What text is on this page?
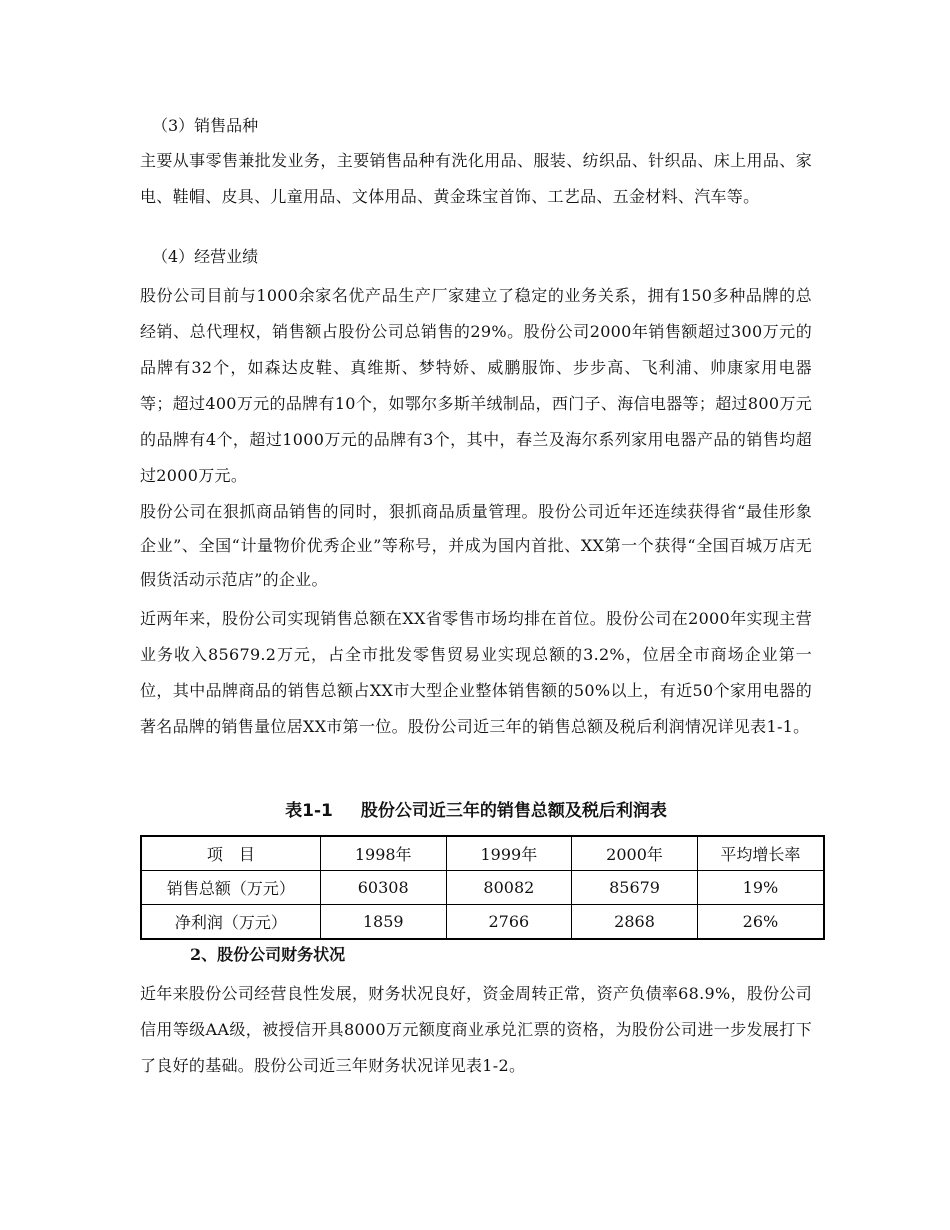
（3）销售品种

主要从事零售兼批发业务，主要销售品种有洗化用品、服装、纺织品、针织品、床上用品、家电、鞋帽、皮具、儿童用品、文体用品、黄金珠宝首饰、工艺品、五金材料、汽车等。

（4）经营业绩

股份公司目前与1000余家名优产品生产厂家建立了稳定的业务关系，拥有150多种品牌的总经销、总代理权，销售额占股份公司总销售的29%。股份公司2000年销售额超过300万元的品牌有32个，如森达皮鞋、真维斯、梦特娇、威鹏服饰、步步高、飞利浦、帅康家用电器等；超过400万元的品牌有10个，如鄂尔多斯羊绒制品，西门子、海信电器等；超过800万元的品牌有4个，超过1000万元的品牌有3个，其中，春兰及海尔系列家用电器产品的销售均超过2000万元。

股份公司在狠抓商品销售的同时，狠抓商品质量管理。股份公司近年还连续获得省“最佳形象企业”、全国“计量物价优秀企业”等称号，并成为国内首批、XX第一个获得“全国百城万店无假货活动示范店”的企业。

近两年来，股份公司实现销售总额在XX省零售市场均排在首位。股份公司在2000年实现主营业务收入85679.2万元，占全市批发零售贸易业实现总额的3.2%，位居全市商场企业第一位，其中品牌商品的销售总额占XX市大型企业整体销售额的50%以上，有近50个家用电器的著名品牌的销售量位居XX市第一位。股份公司近三年的销售总额及税后利润情况详见表1-1。

表1-1 股份公司近三年的销售总额及税后利润表

项　目	1998年	1999年	2000年	平均增长率
销售总额（万元）	60308	80082	85679	19%
净利润（万元）	1859	2766	2868	26%

2、股份公司财务状况

近年来股份公司经营良性发展，财务状况良好，资金周转正常，资产负债率68.9%，股份公司信用等级AA级，被授信开具8000万元额度商业承兑汇票的资格，为股份公司进一步发展打下了良好的基础。股份公司近三年财务状况详见表1-2。
